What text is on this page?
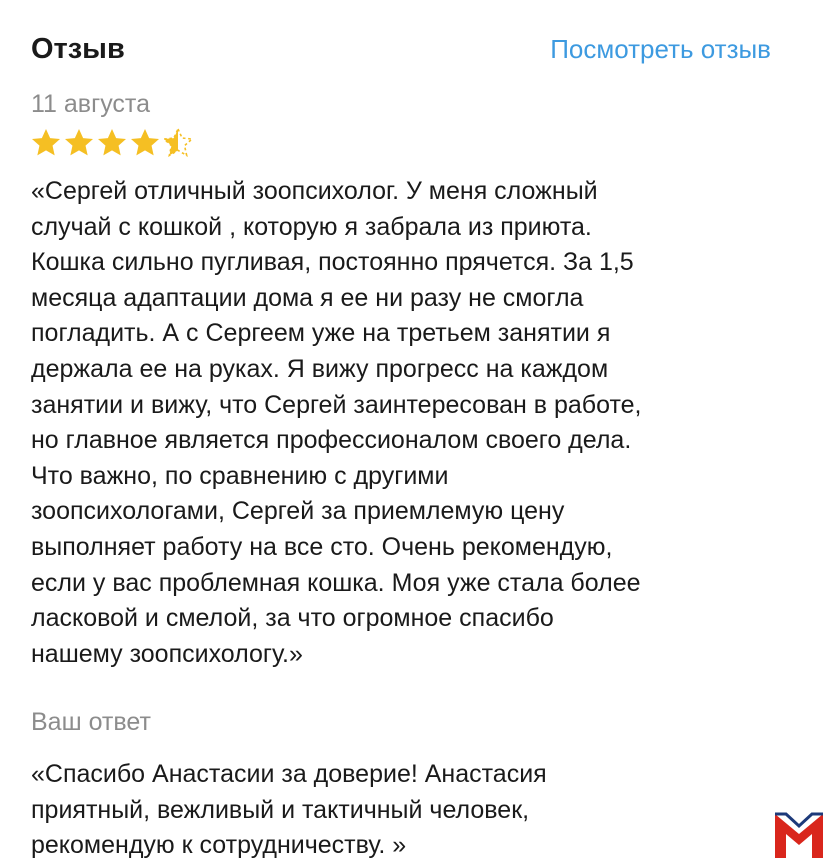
Отзыв	Посмотреть отзыв
11 августа
«Сергей отличный зоопсихолог. У меня сложный
случай с кошкой , которую я забрала из приюта.
Кошка сильно пугливая, постоянно прячется. За 1,5
месяца адаптации дома я ее ни разу не смогла
погладить. А с Сергеем уже на третьем занятии я
держала ее на руках. Я вижу прогресс на каждом
занятии и вижу, что Сергей заинтересован в работе,
но главное является профессионалом своего дела.
Что важно, по сравнению с другими
зоопсихологами, Сергей за приемлемую цену
выполняет работу на все сто. Очень рекомендую,
если у вас проблемная кошка. Моя уже стала более
ласковой и смелой, за что огромное спасибо
нашему зоопсихологу.»
Ваш ответ
«Спасибо Анастасии за доверие! Анастасия
приятный, вежливый и тактичный человек,
рекомендую к сотрудничеству. »
